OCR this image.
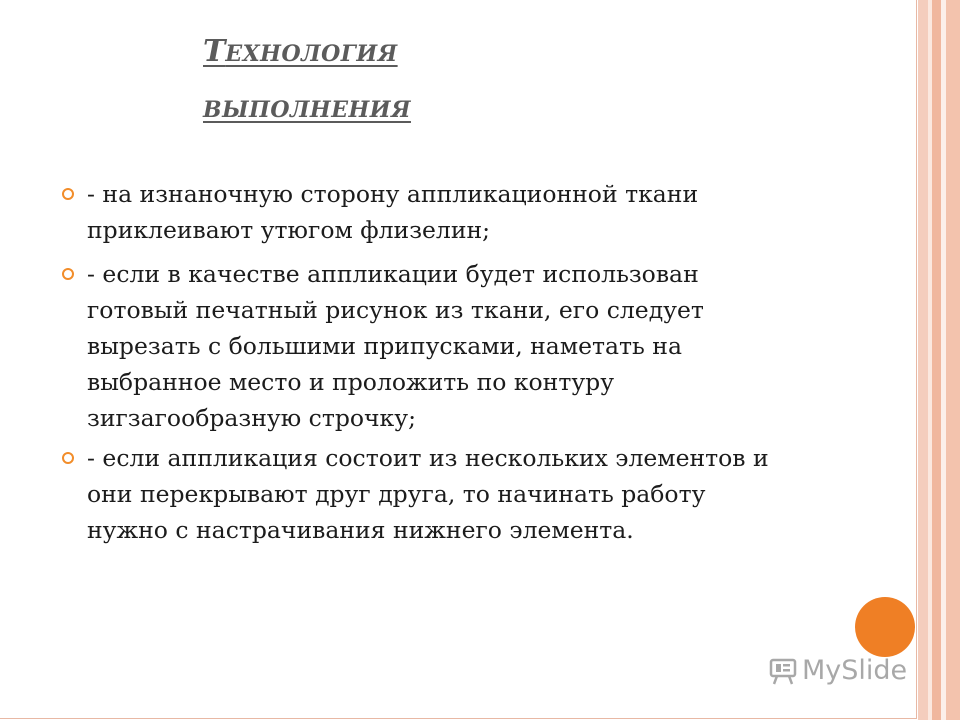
ТЕХНОЛОГИЯ
ВЫПОЛНЕНИЯ
- на изнаночную сторону аппликационной ткани приклеивают утюгом флизелин;
- если в качестве аппликации будет использован готовый печатный рисунок из ткани, его следует вырезать с большими припусками, наметать на выбранное место и проложить по контуру зигзагообразную строчку;
- если аппликация состоит из нескольких элементов и они перекрывают друг друга, то начинать работу нужно с настрачивания нижнего элемента.
MySlide
